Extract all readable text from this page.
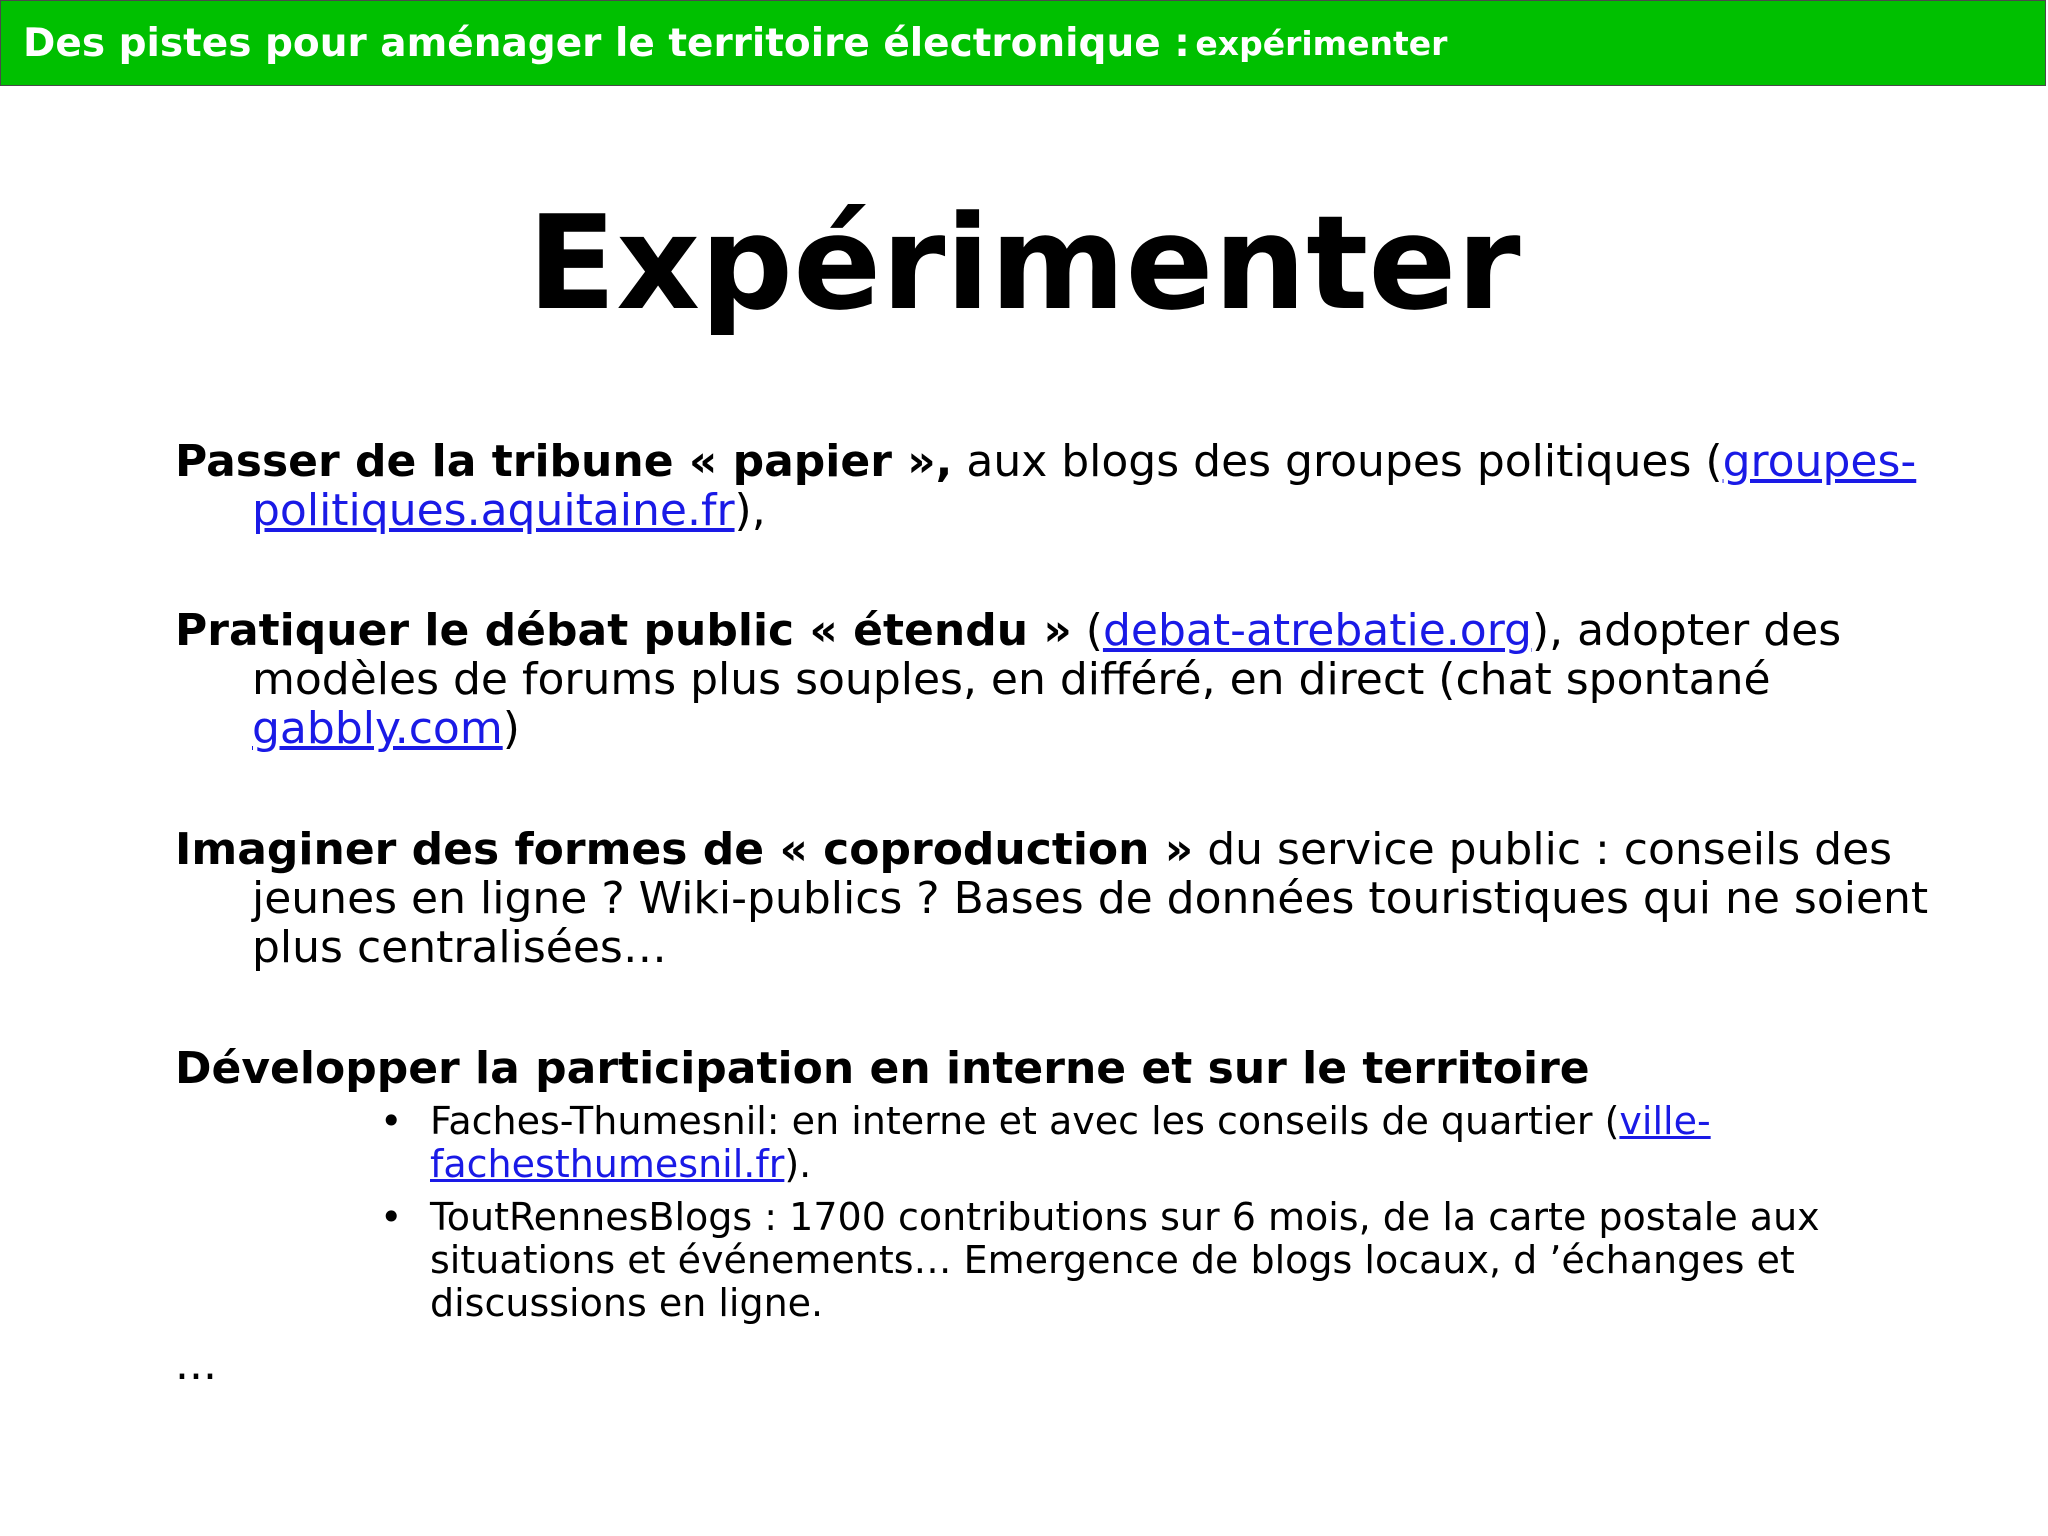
Des pistes pour aménager le territoire électronique :
expérimenter
Expérimenter
Passer de la tribune « papier », aux blogs des groupes politiques (groupes-politiques.aquitaine.fr),
Pratiquer le débat public « étendu » (debat-atrebatie.org), adopter des modèles de forums plus souples, en différé, en direct (chat spontané gabbly.com)
Imaginer des formes de « coproduction » du service public : conseils des jeunes en ligne ? Wiki-publics ? Bases de données touristiques qui ne soient plus centralisées…
Développer la participation en interne et sur le territoire
• Faches-Thumesnil: en interne et avec les conseils de quartier (ville-fachesthumesnil.fr).
• ToutRennesBlogs : 1700 contributions sur 6 mois, de la carte postale aux situations et événements… Emergence de blogs locaux, d ’échanges et discussions en ligne.
...
